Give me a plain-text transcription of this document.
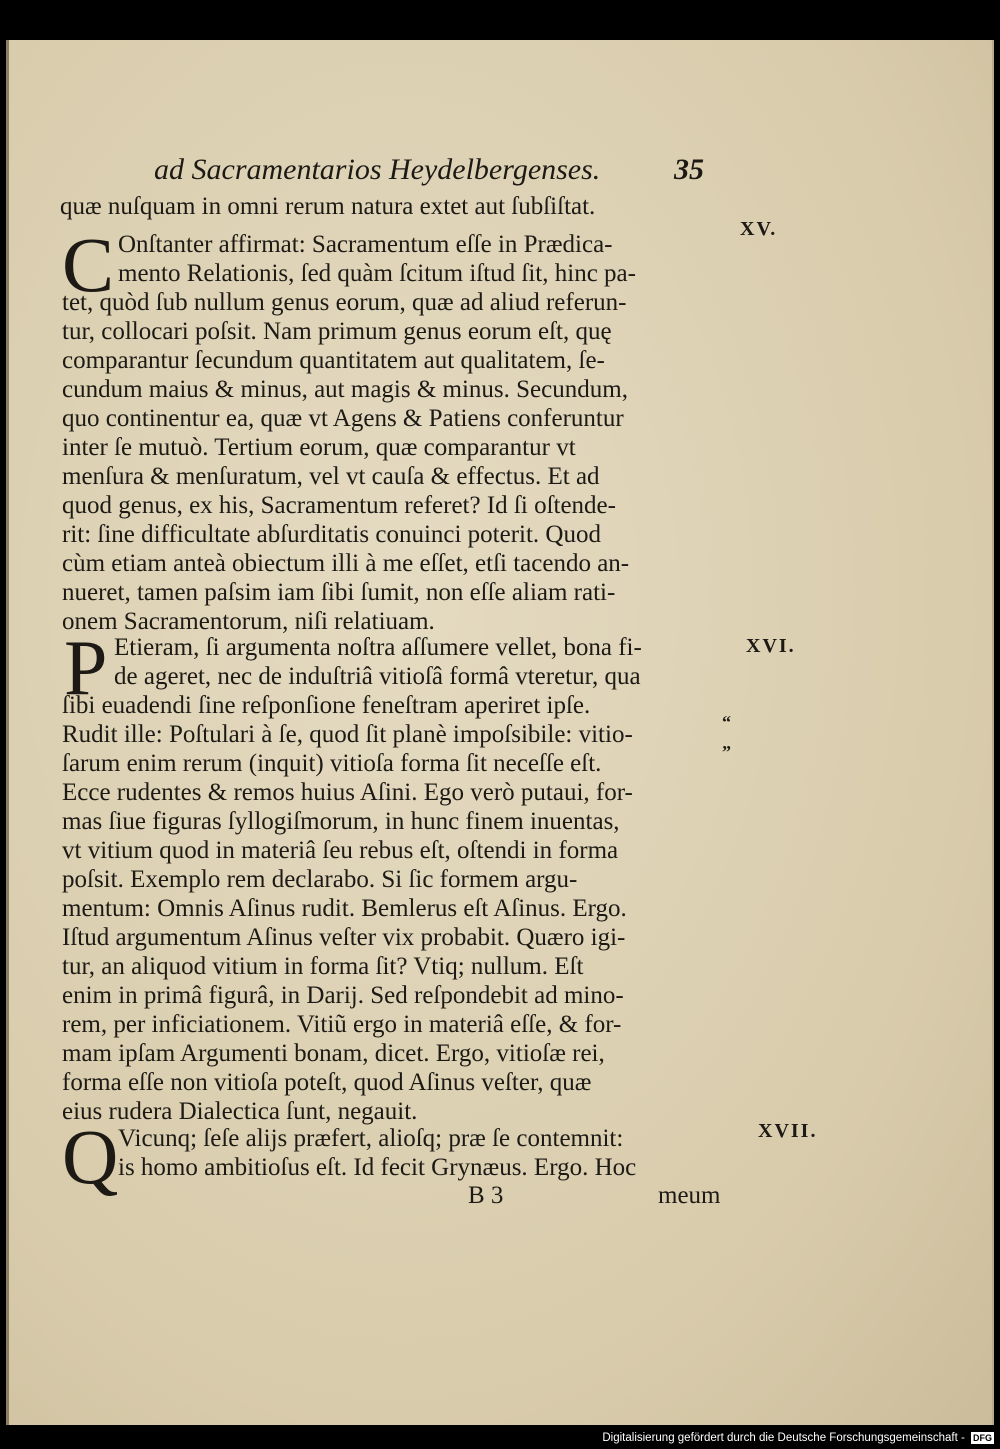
ad Sacramentarios Heydelbergenses. 35
quæ nuſquam in omni rerum natura extet aut ſubſiſtat.
XV.
C Onſtanter affirmat: Sacramentum eſſe in Prædica-
mento Relationis, ſed quàm ſcitum iſtud ſit, hinc pa-
tet, quòd ſub nullum genus eorum, quæ ad aliud referun-
tur, collocari poſsit. Nam primum genus eorum eſt, quę
comparantur ſecundum quantitatem aut qualitatem, ſe-
cundum maius & minus, aut magis & minus. Secundum,
quo continentur ea, quæ vt Agens & Patiens conferuntur
inter ſe mutuò. Tertium eorum, quæ comparantur vt
menſura & menſuratum, vel vt cauſa & effectus. Et ad
quod genus, ex his, Sacramentum referet? Id ſi oſtende-
rit: ſine difficultate abſurditatis conuinci poterit. Quod
cùm etiam anteà obiectum illi à me eſſet, etſi tacendo an-
nueret, tamen paſsim iam ſibi ſumit, non eſſe aliam rati-
onem Sacramentorum, niſi relatiuam.
XVI.
P Etieram, ſi argumenta noſtra aſſumere vellet, bona fi-
de ageret, nec de induſtriâ vitioſâ formâ vteretur, qua
ſibi euadendi ſine reſponſione feneſtram aperiret ipſe.
Rudit ille: Poſtulari à ſe, quod ſit planè impoſsibile: vitio-	“
ſarum enim rerum (inquit) vitioſa forma ſit neceſſe eſt.	”
Ecce rudentes & remos huius Aſini. Ego verò putaui, for-
mas ſiue figuras ſyllogiſmorum, in hunc finem inuentas,
vt vitium quod in materiâ ſeu rebus eſt, oſtendi in forma
poſsit. Exemplo rem declarabo. Si ſic formem argu-
mentum: Omnis Aſinus rudit. Bemlerus eſt Aſinus. Ergo.
Iſtud argumentum Aſinus veſter vix probabit. Quæro igi-
tur, an aliquod vitium in forma ſit? Vtiq; nullum. Eſt
enim in primâ figurâ, in Darij. Sed reſpondebit ad mino-
rem, per inficiationem. Vitiũ ergo in materiâ eſſe, & for-
mam ipſam Argumenti bonam, dicet. Ergo, vitioſæ rei,
forma eſſe non vitioſa poteſt, quod Aſinus veſter, quæ
eius rudera Dialectica ſunt, negauit.
XVII.
Q Vicunq; ſeſe alijs præfert, alioſq; præ ſe contemnit:
is homo ambitioſus eſt. Id fecit Grynæus. Ergo. Hoc
B 3	meum
Digitalisierung gefördert durch die Deutsche Forschungsgemeinschaft - DFG
